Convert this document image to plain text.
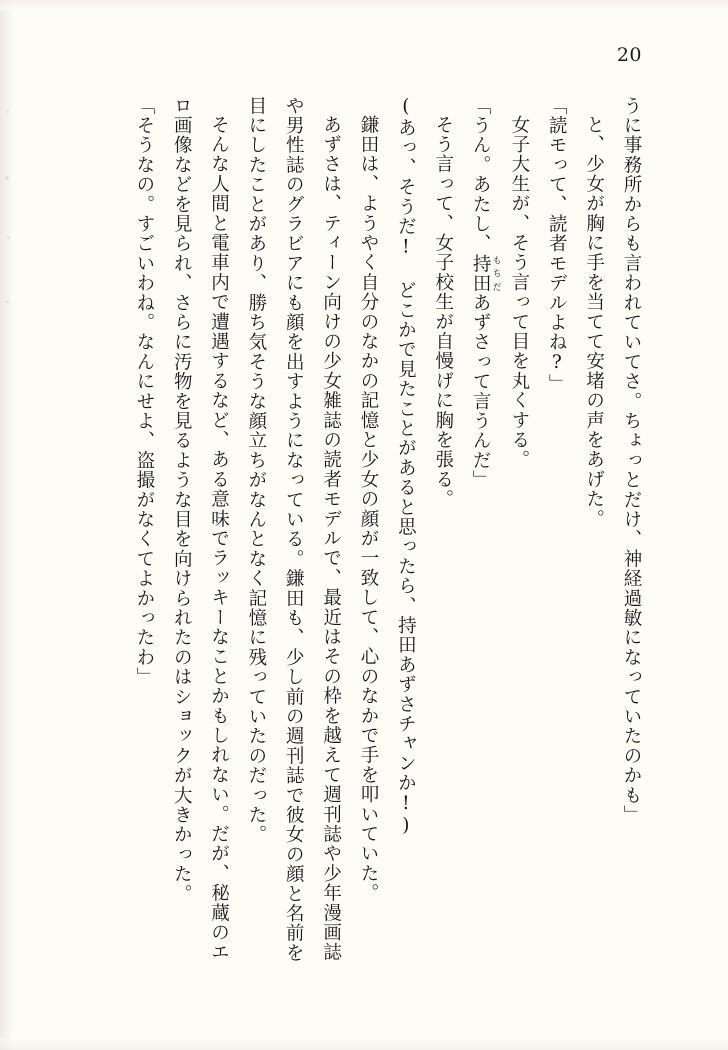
20

うに事務所からも言われていてさ。ちょっとだけ、神経過敏になっていたのかも」

と、少女が胸に手を当てて安堵の声をあげた。

「読モって、読者モデルよね?」

女子大生が、そう言って目を丸くする。

「うん。あたし、持田 もちだあずさって言うんだ」

そう言って、女子校生が自慢げに胸を張る。

(あっ、そうだ! どこかで見たことがあると思ったら、持田あずさチャンか!)

鎌田は、ようやく自分のなかの記憶と少女の顔が一致して、心のなかで手を叩いていた。

あずさは、ティーン向けの少女雑誌の読者モデルで、最近はその枠を越えて週刊誌や少年漫画誌や男性誌のグラビアにも顔を出すようになっている。鎌田も、少し前の週刊誌で彼女の顔と名前を目にしたことがあり、勝ち気そうな顔立ちがなんとなく記憶に残っていたのだった。

そんな人間と電車内で遭遇するなど、ある意味でラッキーなことかもしれない。だが、秘蔵のエロ画像などを見られ、さらに汚物を見るような目を向けられたのはショックが大きかった。

「そうなの。すごいわね。なんにせよ、盗撮がなくてよかったわ」
